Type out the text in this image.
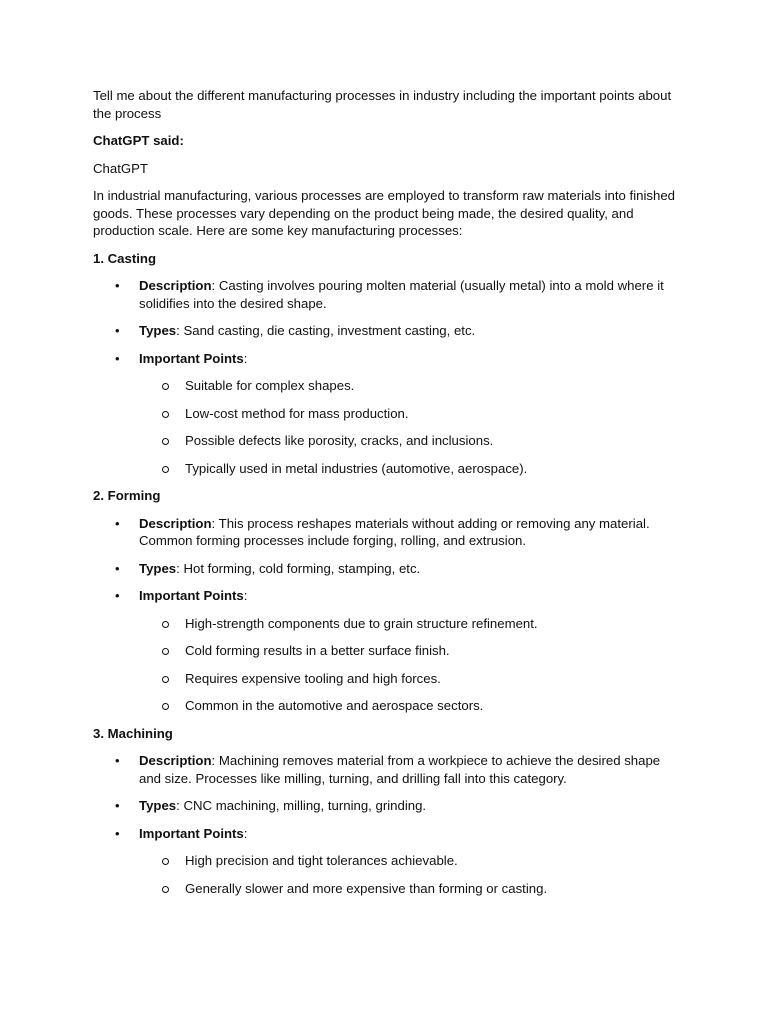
Tell me about the different manufacturing processes in industry including the important points about the process

ChatGPT said:

ChatGPT

In industrial manufacturing, various processes are employed to transform raw materials into finished goods. These processes vary depending on the product being made, the desired quality, and production scale. Here are some key manufacturing processes:

1. Casting
• Description: Casting involves pouring molten material (usually metal) into a mold where it solidifies into the desired shape.
• Types: Sand casting, die casting, investment casting, etc.
• Important Points:
Suitable for complex shapes.
Low-cost method for mass production.
Possible defects like porosity, cracks, and inclusions.
Typically used in metal industries (automotive, aerospace).
2. Forming
• Description: This process reshapes materials without adding or removing any material. Common forming processes include forging, rolling, and extrusion.
• Types: Hot forming, cold forming, stamping, etc.
• Important Points:
High-strength components due to grain structure refinement.
Cold forming results in a better surface finish.
Requires expensive tooling and high forces.
Common in the automotive and aerospace sectors.
3. Machining
• Description: Machining removes material from a workpiece to achieve the desired shape and size. Processes like milling, turning, and drilling fall into this category.
• Types: CNC machining, milling, turning, grinding.
• Important Points:
High precision and tight tolerances achievable.
Generally slower and more expensive than forming or casting.
